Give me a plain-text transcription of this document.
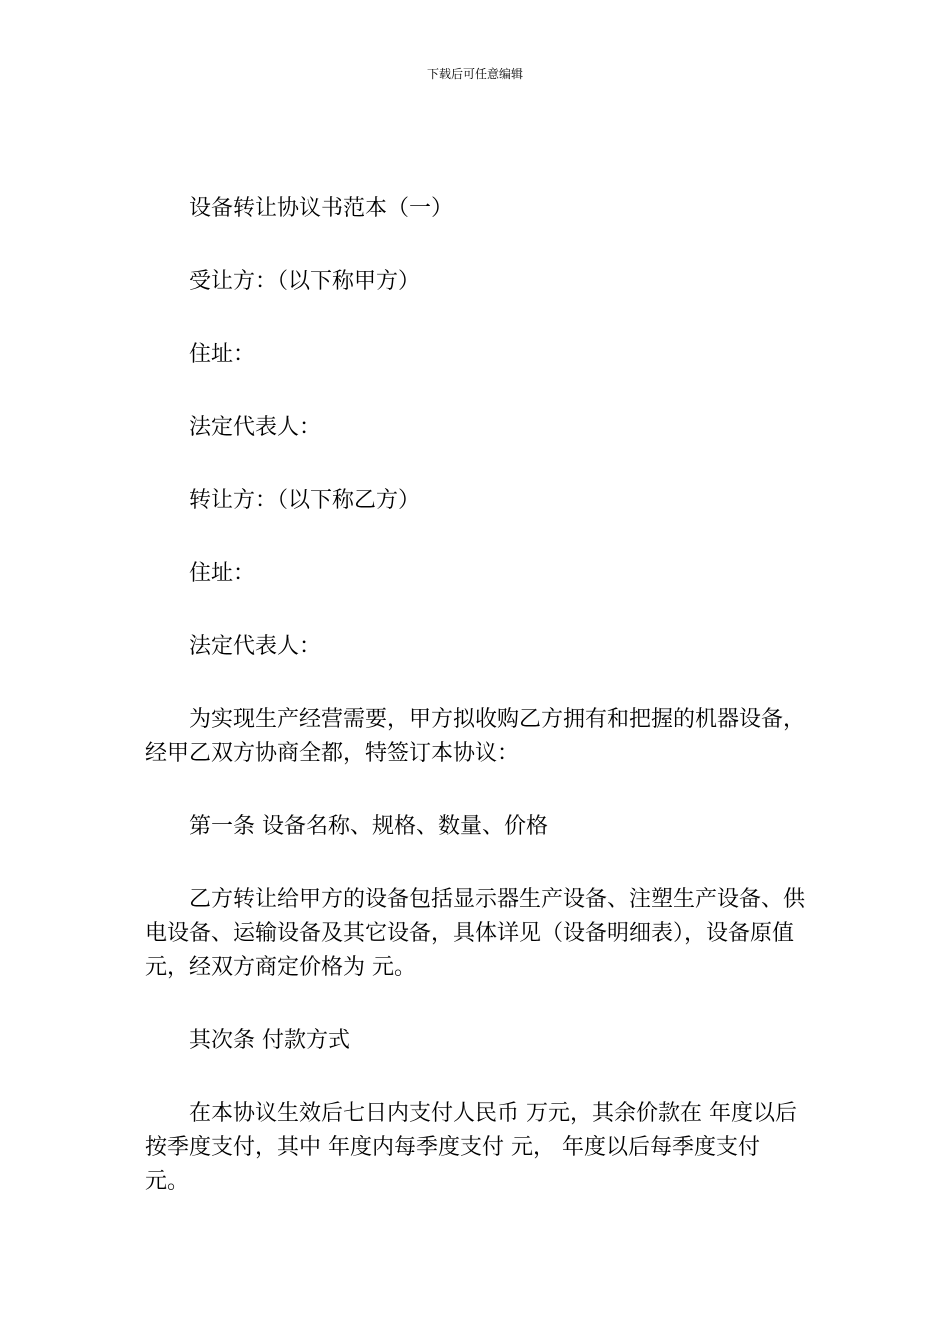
下载后可任意编辑

设备转让协议书范本（一）

受让方：（以下称甲方）

住址：

法定代表人：

转让方：（以下称乙方）

住址：

法定代表人：

为实现生产经营需要，甲方拟收购乙方拥有和把握的机器设备，经甲乙双方协商全都，特签订本协议：

第一条 设备名称、规格、数量、价格

乙方转让给甲方的设备包括显示器生产设备、注塑生产设备、供电设备、运输设备及其它设备，具体详见（设备明细表），设备原值 元，经双方商定价格为 元。

其次条 付款方式

在本协议生效后七日内支付人民币 万元，其余价款在 年度以后按季度支付，其中 年度内每季度支付 元， 年度以后每季度支付 元。
